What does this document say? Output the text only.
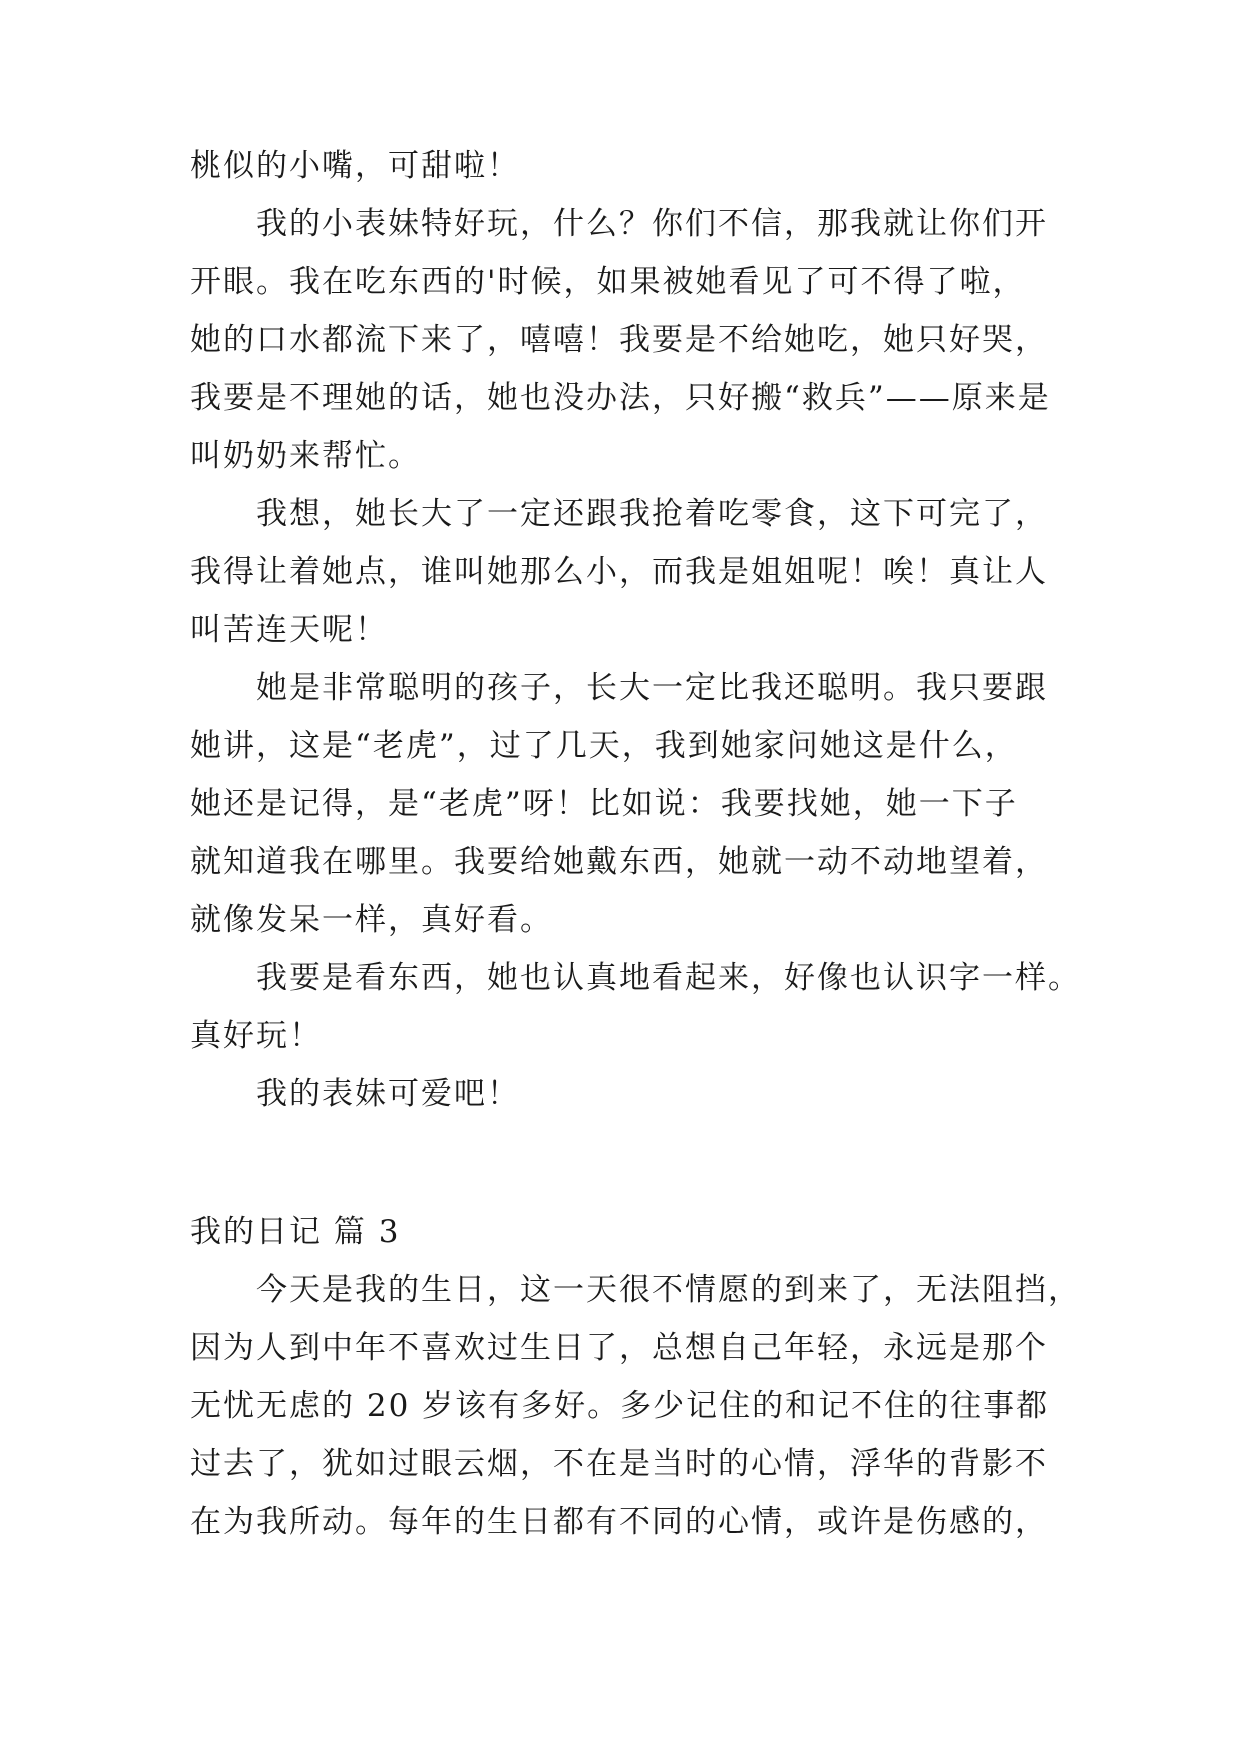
桃似的小嘴，可甜啦！
我的小表妹特好玩，什么？你们不信，那我就让你们开
开眼。我在吃东西的'时候，如果被她看见了可不得了啦，
她的口水都流下来了，嘻嘻！我要是不给她吃，她只好哭，
我要是不理她的话，她也没办法，只好搬“救兵”——原来是
叫奶奶来帮忙。
我想，她长大了一定还跟我抢着吃零食，这下可完了，
我得让着她点，谁叫她那么小，而我是姐姐呢！唉！真让人
叫苦连天呢！
她是非常聪明的孩子，长大一定比我还聪明。我只要跟
她讲，这是“老虎”，过了几天，我到她家问她这是什么，
她还是记得，是“老虎”呀！比如说：我要找她，她一下子
就知道我在哪里。我要给她戴东西，她就一动不动地望着，
就像发呆一样，真好看。
我要是看东西，她也认真地看起来，好像也认识字一样。
真好玩！
我的表妹可爱吧！
我的日记 篇 3
今天是我的生日，这一天很不情愿的到来了，无法阻挡，
因为人到中年不喜欢过生日了，总想自己年轻，永远是那个
无忧无虑的 20 岁该有多好。多少记住的和记不住的往事都
过去了，犹如过眼云烟，不在是当时的心情，浮华的背影不
在为我所动。每年的生日都有不同的心情，或许是伤感的，
